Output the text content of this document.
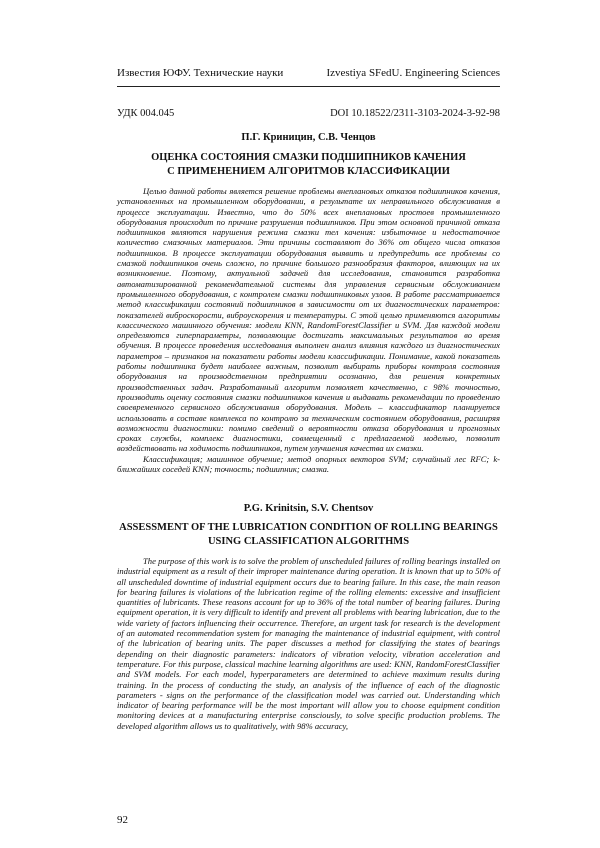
Известия ЮФУ. Технические науки	Izvestiya SFedU. Engineering Sciences
УДК 004.045	DOI 10.18522/2311-3103-2024-3-92-98
П.Г. Криницин, С.В. Ченцов
ОЦЕНКА СОСТОЯНИЯ СМАЗКИ ПОДШИПНИКОВ КАЧЕНИЯ
С ПРИМЕНЕНИЕМ АЛГОРИТМОВ КЛАССИФИКАЦИИ

Целью данной работы является решение проблемы внеплановых отказов подшипников качения, установленных на промышленном оборудовании, в результате их неправильного обслуживания в процессе эксплуатации. Известно, что до 50% всех внеплановых простоев промышленного оборудования происходит по причине разрушения подшипников. При этом основной причиной отказа подшипников являются нарушения режима смазки тел качения: избыточное и недостаточное количество смазочных материалов. Эти причины составляют до 36% от общего числа отказов подшипников. В процессе эксплуатации оборудования выявить и предупредить все проблемы со смазкой подшипников очень сложно, по причине большого разнообразия факторов, влияющих на их возникновение. Поэтому, актуальной задачей для исследования, становится разработка автоматизированной рекомендательной системы для управления сервисным обслуживанием промышленного оборудования, с контролем смазки подшипниковых узлов. В работе рассматривается метод классификации состояний подшипников в зависимости от их диагностических параметров: показателей виброскорости, виброускорения и температуры. С этой целью применяются алгоритмы классического машинного обучения: модели KNN, RandomForestClassifier и SVM. Для каждой модели определяются гиперпараметры, позволяющие достигать максимальных результатов во время обучения. В процессе проведения исследования выполнен анализ влияния каждого из диагностических параметров – признаков на показатели работы модели классификации. Понимание, какой показатель работы подшипника будет наиболее важным, позволит выбирать приборы контроля состояния оборудования на производственном предприятии осознанно, для решения конкретных производственных задач. Разработанный алгоритм позволяет качественно, с 98% точностью, производить оценку состояния смазки подшипников качения и выдавать рекомендации по проведению своевременного сервисного обслуживания оборудования. Модель – классификатор планируется использовать в составе комплекса по контролю за техническим состоянием оборудования, расширяя возможности диагностики: помимо сведений о вероятности отказа оборудования и прогнозных сроках службы, комплекс диагностики, совмещенный с предлагаемой моделью, позволит воздействовать на ходимость подшипников, путем улучшения качества их смазки.

Классификация; машинное обучение; метод опорных векторов SVM; случайный лес RFC; k-ближайших соседей KNN; точность; подшипник; смазка.

P.G. Krinitsin, S.V. Chentsov
ASSESSMENT OF THE LUBRICATION CONDITION OF ROLLING BEARINGS
USING CLASSIFICATION ALGORITHMS

The purpose of this work is to solve the problem of unscheduled failures of rolling bearings installed on industrial equipment as a result of their improper maintenance during operation. It is known that up to 50% of all unscheduled downtime of industrial equipment occurs due to bearing failure. In this case, the main reason for bearing failures is violations of the lubrication regime of the rolling elements: excessive and insufficient quantities of lubricants. These reasons account for up to 36% of the total number of bearing failures. During equipment operation, it is very difficult to identify and prevent all problems with bearing lubrication, due to the wide variety of factors influencing their occurrence. Therefore, an urgent task for research is the development of an automated recommendation system for managing the maintenance of industrial equipment, with control of the lubrication of bearing units. The paper discusses a method for classifying the states of bearings depending on their diagnostic parameters: indicators of vibration velocity, vibration acceleration and temperature. For this purpose, classical machine learning algorithms are used: KNN, RandomForestClassifier and SVM models. For each model, hyperparameters are determined to achieve maximum results during training. In the process of conducting the study, an analysis of the influence of each of the diagnostic parameters - signs on the performance of the classification model was carried out. Understanding which indicator of bearing performance will be the most important will allow you to choose equipment condition monitoring devices at a manufacturing enterprise consciously, to solve specific production problems. The developed algorithm allows us to qualitatively, with 98% accuracy,

92
